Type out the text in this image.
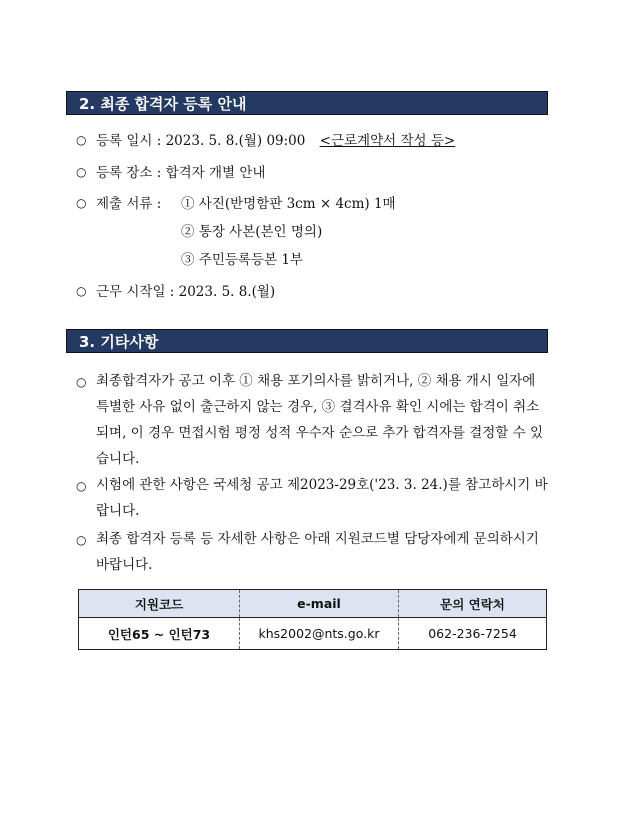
2. 최종 합격자 등록 안내
○ 등록 일시 : 2023. 5. 8.(월) 09:00 <근로계약서 작성 등>
○ 등록 장소 : 합격자 개별 안내
○ 제출 서류 : ① 사진(반명함판 3cm × 4cm) 1매
② 통장 사본(본인 명의)
③ 주민등록등본 1부
○ 근무 시작일 : 2023. 5. 8.(월)
3. 기타사항
○ 최종합격자가 공고 이후 ① 채용 포기의사를 밝히거나, ② 채용 개시 일자에 특별한 사유 없이 출근하지 않는 경우, ③ 결격사유 확인 시에는 합격이 취소되며, 이 경우 면접시험 평정 성적 우수자 순으로 추가 합격자를 결정할 수 있습니다.
○ 시험에 관한 사항은 국세청 공고 제2023-29호('23. 3. 24.)를 참고하시기 바랍니다.
○ 최종 합격자 등록 등 자세한 사항은 아래 지원코드별 담당자에게 문의하시기 바랍니다.
지원코드	e-mail	문의 연락처
인턴65 ~ 인턴73	khs2002@nts.go.kr	062-236-7254
